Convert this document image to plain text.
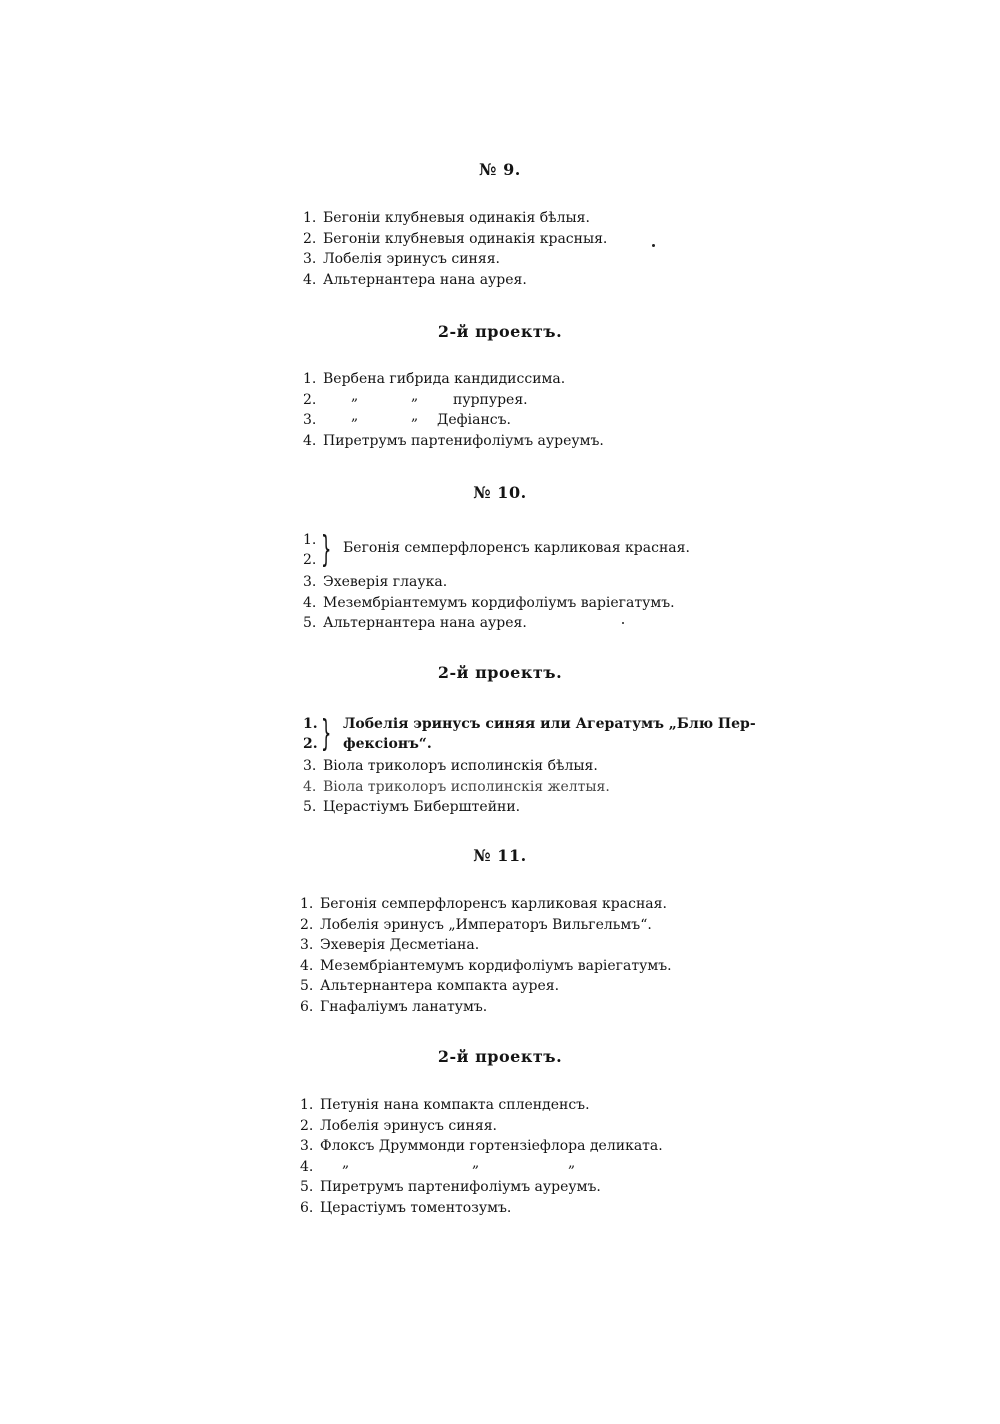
№ 9.
1. Бегоніи клубневыя одинакія бѣлыя.
2. Бегоніи клубневыя одинакія красныя.
3. Лобелія эринусъ синяя.
4. Альтернантера нана аурея.
2-й проектъ.
1. Вербена гибрида кандидиссима.
2. „	„ пурпурея.
3. „	„ Дефіансъ.
4. Пиретрумъ партенифоліумъ ауреумъ.
№ 10.
1.
2. } Бегонія семперфлоренсъ карликовая красная.
3. Эхеверія глаука.
4. Мезембріантемумъ кордифоліумъ варіегатумъ.
5. Альтернантера нана аурея.
2-й проектъ.
1.
2. } Лобелія эринусъ синяя или Агератумъ „Блю Пер-
фексіонъ“.
3. Віола триколоръ исполинскія бѣлыя.
4. Віола триколоръ исполинскія желтыя.
5. Церастіумъ Биберштейни.
№ 11.
1. Бегонія семперфлоренсъ карликовая красная.
2. Лобелія эринусъ „Императоръ Вильгельмъ“.
3. Эхеверія Десметіана.
4. Мезембріантемумъ кордифоліумъ варіегатумъ.
5. Альтернантера компакта аурея.
6. Гнафаліумъ ланатумъ.
2-й проектъ.
1. Петунія нана компакта спленденсъ.
2. Лобелія эринусъ синяя.
3. Флоксъ Друммонди гортензіефлора деликата.
4. „	„	„
5. Пиретрумъ партенифоліумъ ауреумъ.
6. Церастіумъ томентозумъ.
